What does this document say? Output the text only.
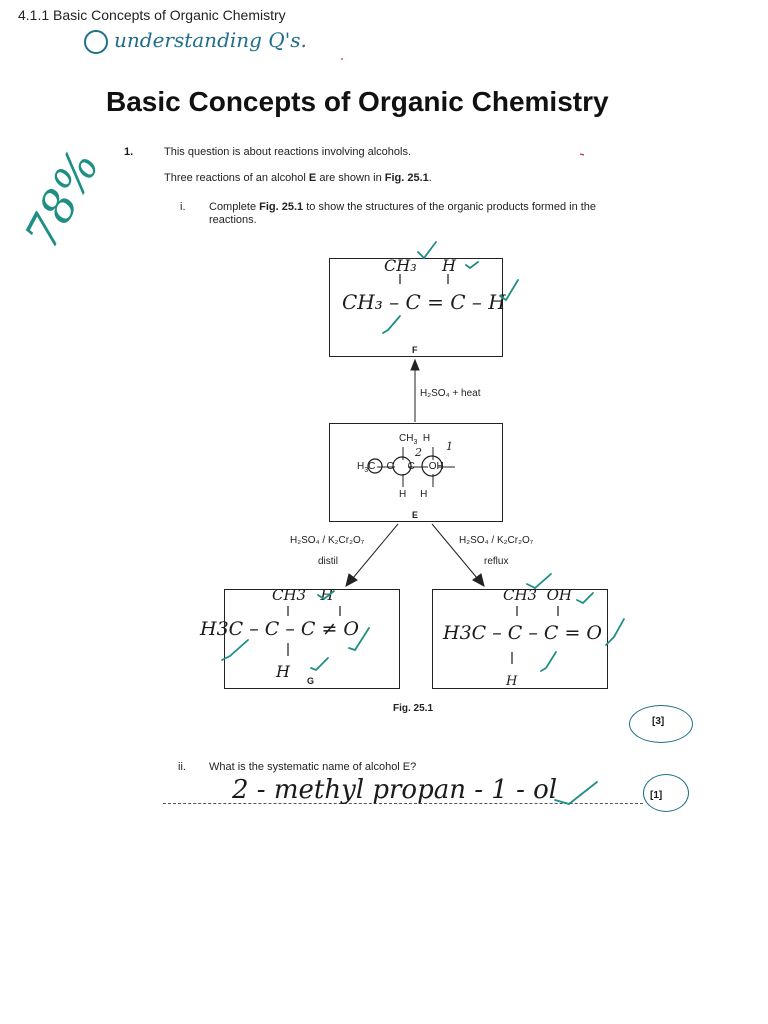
4.1.1 Basic Concepts of Organic Chemistry
understanding Q's.
Basic Concepts of Organic Chemistry
78% 1.	This question is about reactions involving alcohols.
Three reactions of an alcohol E are shown in Fig. 25.1.
i. Complete Fig. 25.1 to show the structures of the organic products formed in the reactions.
CH₃     H
CH₃ – C = C – H
F
H₂SO₄ + heat
$CH_3$  H
$H_3C$    C     C     OH
H     H
E
H₂SO₄ / K₂Cr₂O₇
distil
H₂SO₄ / K₂Cr₂O₇
reflux
CH3   H
H3C – C – C ≠ O
H G
CH3  OH
H3C – C – C = O
H
Fig. 25.1
[3]
ii. What is the systematic name of alcohol E?
2 - methyl propan - 1 - ol	[1]
2 1
